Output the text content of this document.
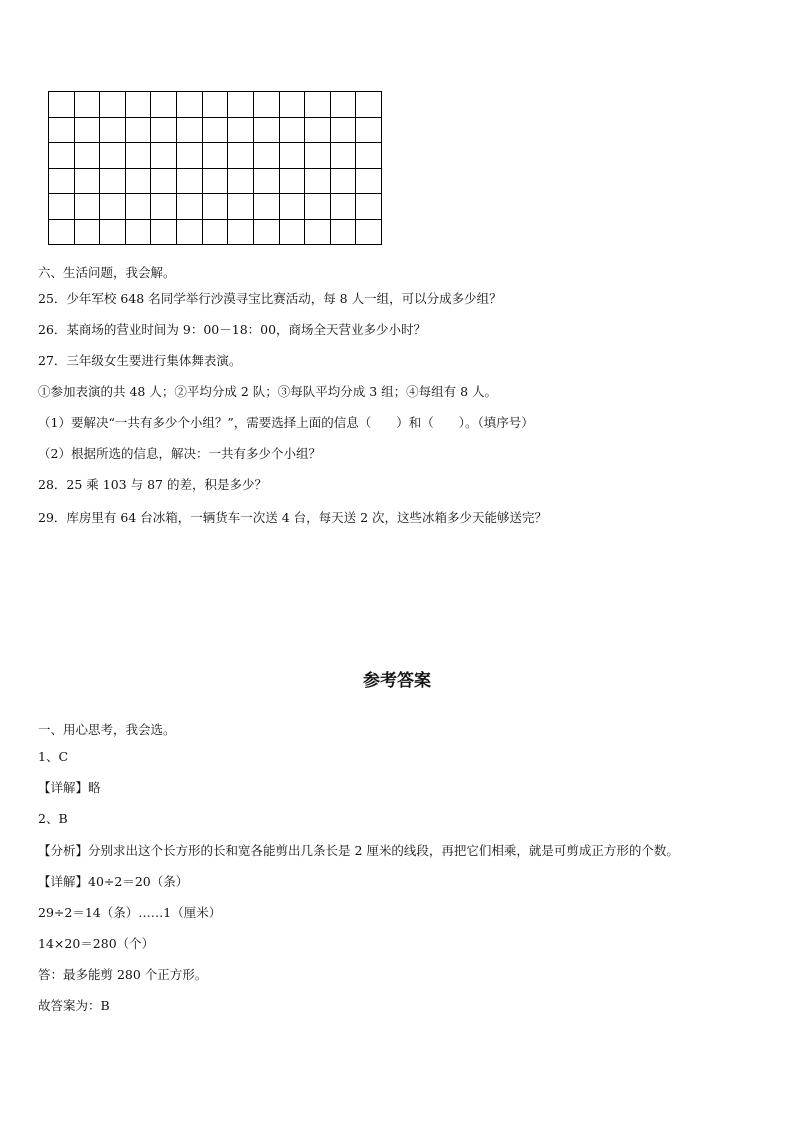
六、生活问题，我会解。
25．少年军校 648 名同学举行沙漠寻宝比赛活动，每 8 人一组，可以分成多少组？
26．某商场的营业时间为 9：00－18：00，商场全天营业多少小时？
27．三年级女生要进行集体舞表演。
①参加表演的共 48 人；②平均分成 2 队；③每队平均分成 3 组；④每组有 8 人。
（1）要解决“一共有多少个小组？”，需要选择上面的信息（　　）和（　　）。（填序号）
（2）根据所选的信息，解决：一共有多少个小组？
28．25 乘 103 与 87 的差，积是多少？
29．库房里有 64 台冰箱，一辆货车一次送 4 台，每天送 2 次，这些冰箱多少天能够送完？
参考答案
一、用心思考，我会选。
1、C
【详解】略
2、B
【分析】分别求出这个长方形的长和宽各能剪出几条长是 2 厘米的线段，再把它们相乘，就是可剪成正方形的个数。
【详解】40÷2＝20（条）
29÷2＝14（条）……1（厘米）
14×20＝280（个）
答：最多能剪 280 个正方形。
故答案为：B
